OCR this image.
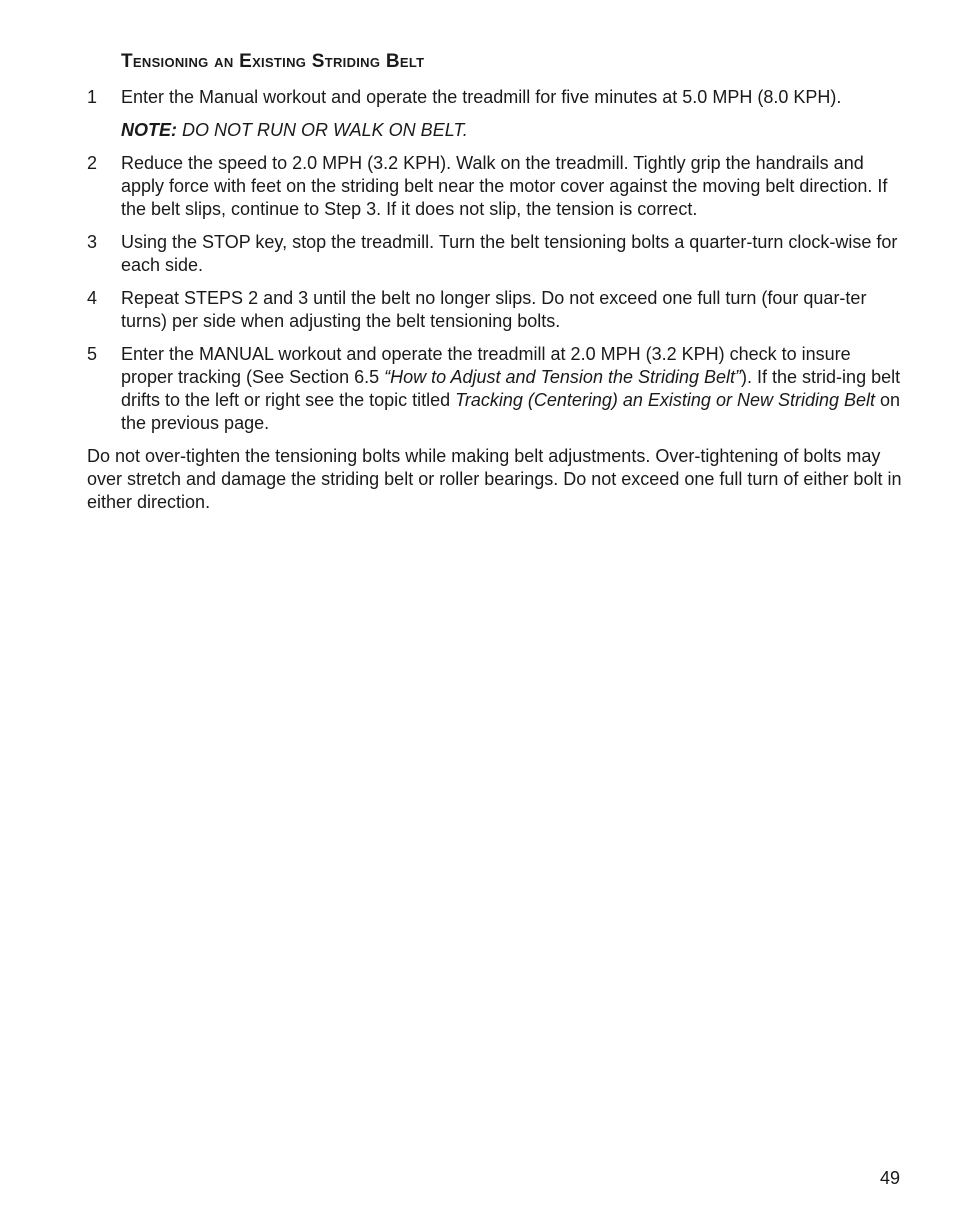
Tensioning an Existing Striding Belt
1 Enter the Manual workout and operate the treadmill for five minutes at 5.0 MPH (8.0 KPH).
NOTE: DO NOT RUN OR WALK ON BELT.
2 Reduce the speed to 2.0 MPH (3.2 KPH). Walk on the treadmill. Tightly grip the handrails and apply force with feet on the striding belt near the motor cover against the moving belt direction. If the belt slips, continue to Step 3. If it does not slip, the tension is correct.
3 Using the STOP key, stop the treadmill. Turn the belt tensioning bolts a quarter-turn clock-wise for each side.
4 Repeat STEPS 2 and 3 until the belt no longer slips. Do not exceed one full turn (four quar-ter turns) per side when adjusting the belt tensioning bolts.
5 Enter the MANUAL workout and operate the treadmill at 2.0 MPH (3.2 KPH) check to insure proper tracking (See Section 6.5 “How to Adjust and Tension the Striding Belt”). If the strid-ing belt drifts to the left or right see the topic titled Tracking (Centering) an Existing or New Striding Belt on the previous page.

Do not over-tighten the tensioning bolts while making belt adjustments. Over-tightening of bolts may over stretch and damage the striding belt or roller bearings. Do not exceed one full turn of either bolt in either direction.

49
